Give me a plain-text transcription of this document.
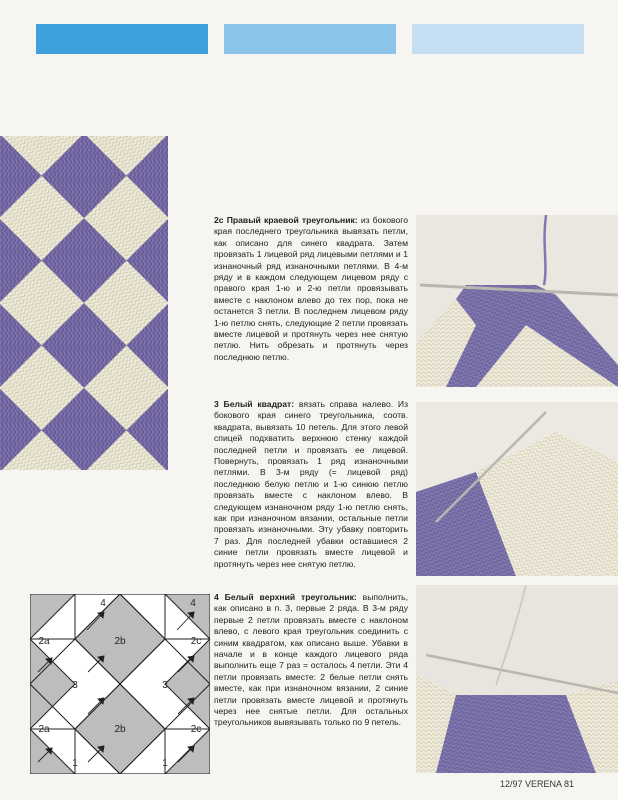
2с Правый краевой треугольник: из бокового края последнего треугольника вывязать петли, как описано для синего квадрата. Затем провязать 1 лицевой ряд лицевыми петлями и 1 изнаночный ряд изнаночными петлями. В 4-м ряду и в каждом следующем лицевом ряду с правого края 1-ю и 2-ю петли провязывать вместе с наклоном влево до тех пор, пока не останется 3 петли. В последнем лицевом ряду 1-ю петлю снять, следующие 2 петли провязать вместе лицевой и протянуть через нее снятую петлю. Нить обрезать и протянуть через последнюю петлю.

3 Белый квадрат: вязать справа налево. Из бокового края синего треугольника, соотв. квадрата, вывязать 10 петель. Для этого левой спицей подхватить верхнюю стенку каждой последней петли и провязать ее лицевой. Повернуть, провязать 1 ряд изнаночными петлями. В 3-м ряду (= лицевой ряд) последнюю белую петлю и 1-ю синюю петлю провязать вместе с наклоном влево. В следующем изнаночном ряду 1-ю петлю снять, как при изнаночном вязании, остальные петли провязать изнаночными. Эту убавку повторить 7 раз. Для последней убавки оставшиеся 2 синие петли провязать вместе лицевой и протянуть через нее снятую петлю.

4 Белый верхний треугольник: выполнить, как описано в п. 3, первые 2 ряда. В 3-м ряду первые 2 петли провязать вместе с наклоном влево, с левого края треугольник соединить с синим квадратом, как описано выше. Убавки в начале и в конце каждого лицевого ряда выполнить еще 7 раз = осталось 4 петли. Эти 4 петли провязать вместе: 2 белые петли снять вместе, как при изнаночном вязании, 2 синие петли провязать вместе лицевой и протянуть через нее снятые петли. Для остальных треугольников вывязывать только по 9 петель.

4	4
2a	2b	2c
3	3
2a	2b	2c
1	1
12/97 VERENA 81
